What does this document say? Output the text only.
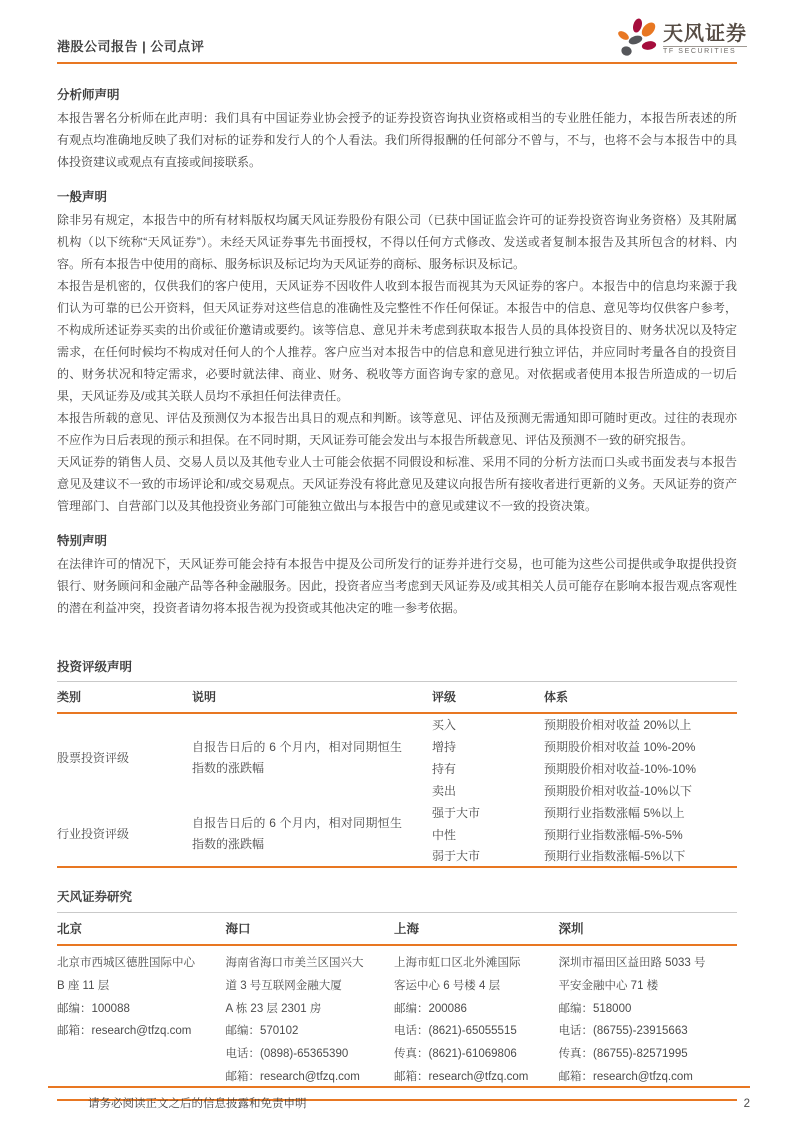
港股公司报告 | 公司点评
天风证券
TF SECURITIES
分析师声明

本报告署名分析师在此声明：我们具有中国证券业协会授予的证券投资咨询执业资格或相当的专业胜任能力，本报告所表述的所有观点均准确地反映了我们对标的证券和发行人的个人看法。我们所得报酬的任何部分不曾与，不与，也将不会与本报告中的具体投资建议或观点有直接或间接联系。

一般声明

除非另有规定，本报告中的所有材料版权均属天风证券股份有限公司（已获中国证监会许可的证券投资咨询业务资格）及其附属机构（以下统称“天风证券”）。未经天风证券事先书面授权，不得以任何方式修改、发送或者复制本报告及其所包含的材料、内容。所有本报告中使用的商标、服务标识及标记均为天风证券的商标、服务标识及标记。

本报告是机密的，仅供我们的客户使用，天风证券不因收件人收到本报告而视其为天风证券的客户。本报告中的信息均来源于我们认为可靠的已公开资料，但天风证券对这些信息的准确性及完整性不作任何保证。本报告中的信息、意见等均仅供客户参考，不构成所述证券买卖的出价或征价邀请或要约。该等信息、意见并未考虑到获取本报告人员的具体投资目的、财务状况以及特定需求，在任何时候均不构成对任何人的个人推荐。客户应当对本报告中的信息和意见进行独立评估，并应同时考量各自的投资目的、财务状况和特定需求，必要时就法律、商业、财务、税收等方面咨询专家的意见。对依据或者使用本报告所造成的一切后果，天风证券及/或其关联人员均不承担任何法律责任。

本报告所载的意见、评估及预测仅为本报告出具日的观点和判断。该等意见、评估及预测无需通知即可随时更改。过往的表现亦不应作为日后表现的预示和担保。在不同时期，天风证券可能会发出与本报告所载意见、评估及预测不一致的研究报告。

天风证券的销售人员、交易人员以及其他专业人士可能会依据不同假设和标准、采用不同的分析方法而口头或书面发表与本报告意见及建议不一致的市场评论和/或交易观点。天风证券没有将此意见及建议向报告所有接收者进行更新的义务。天风证券的资产管理部门、自营部门以及其他投资业务部门可能独立做出与本报告中的意见或建议不一致的投资决策。

特别声明

在法律许可的情况下，天风证券可能会持有本报告中提及公司所发行的证券并进行交易，也可能为这些公司提供或争取提供投资银行、财务顾问和金融产品等各种金融服务。因此，投资者应当考虑到天风证券及/或其相关人员可能存在影响本报告观点客观性的潜在利益冲突，投资者请勿将本报告视为投资或其他决定的唯一参考依据。

投资评级声明
类别	说明	评级	体系
股票投资评级	自报告日后的 6 个月内，相对同期恒生指数的涨跌幅	买入	预期股价相对收益 20%以上
		增持	预期股价相对收益 10%-20%
		持有	预期股价相对收益-10%-10%
		卖出	预期股价相对收益-10%以下
行业投资评级	自报告日后的 6 个月内，相对同期恒生指数的涨跌幅	强于大市	预期行业指数涨幅 5%以上
		中性	预期行业指数涨幅-5%-5%
		弱于大市	预期行业指数涨幅-5%以下
天风证券研究
北京	海口	上海	深圳

北京市西城区德胜国际中心
B 座 11 层
邮编：100088
邮箱：research@tfzq.com

海南省海口市美兰区国兴大
道 3 号互联网金融大厦
A 栋 23 层 2301 房
邮编：570102
电话：(0898)-65365390
邮箱：research@tfzq.com

上海市虹口区北外滩国际
客运中心 6 号楼 4 层
邮编：200086
电话：(8621)-65055515
传真：(8621)-61069806
邮箱：research@tfzq.com

深圳市福田区益田路 5033 号
平安金融中心 71 楼
邮编：518000
电话：(86755)-23915663
传真：(86755)-82571995
邮箱：research@tfzq.com
请务必阅读正文之后的信息披露和免责申明	2
